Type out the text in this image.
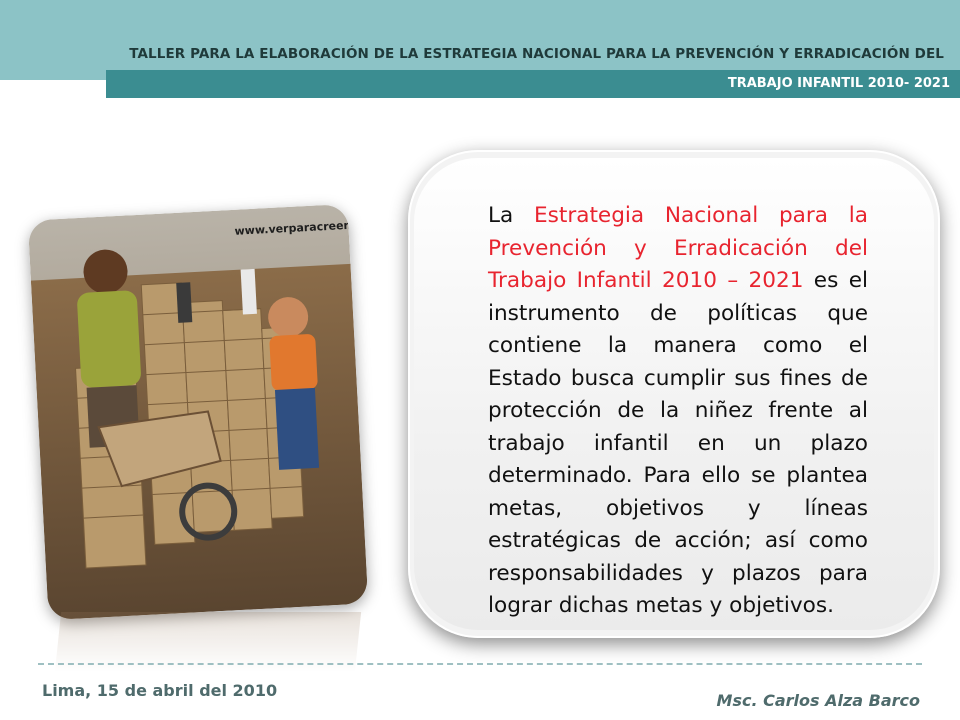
TALLER PARA LA ELABORACIÓN DE LA ESTRATEGIA NACIONAL PARA LA PREVENCIÓN Y ERRADICACIÓN DEL
TRABAJO INFANTIL 2010- 2021
www.verparacreer.be	La Estrategia Nacional para la Prevención y Erradicación del Trabajo Infantil 2010 – 2021 es el instrumento de políticas que contiene la manera como el Estado busca cumplir sus fines de protección de la niñez frente al trabajo infantil en un plazo determinado. Para ello se plantea metas, objetivos y líneas estratégicas de acción; así como responsabilidades y plazos para lograr dichas metas y objetivos.
Lima, 15 de abril del 2010
Msc. Carlos Alza Barco
